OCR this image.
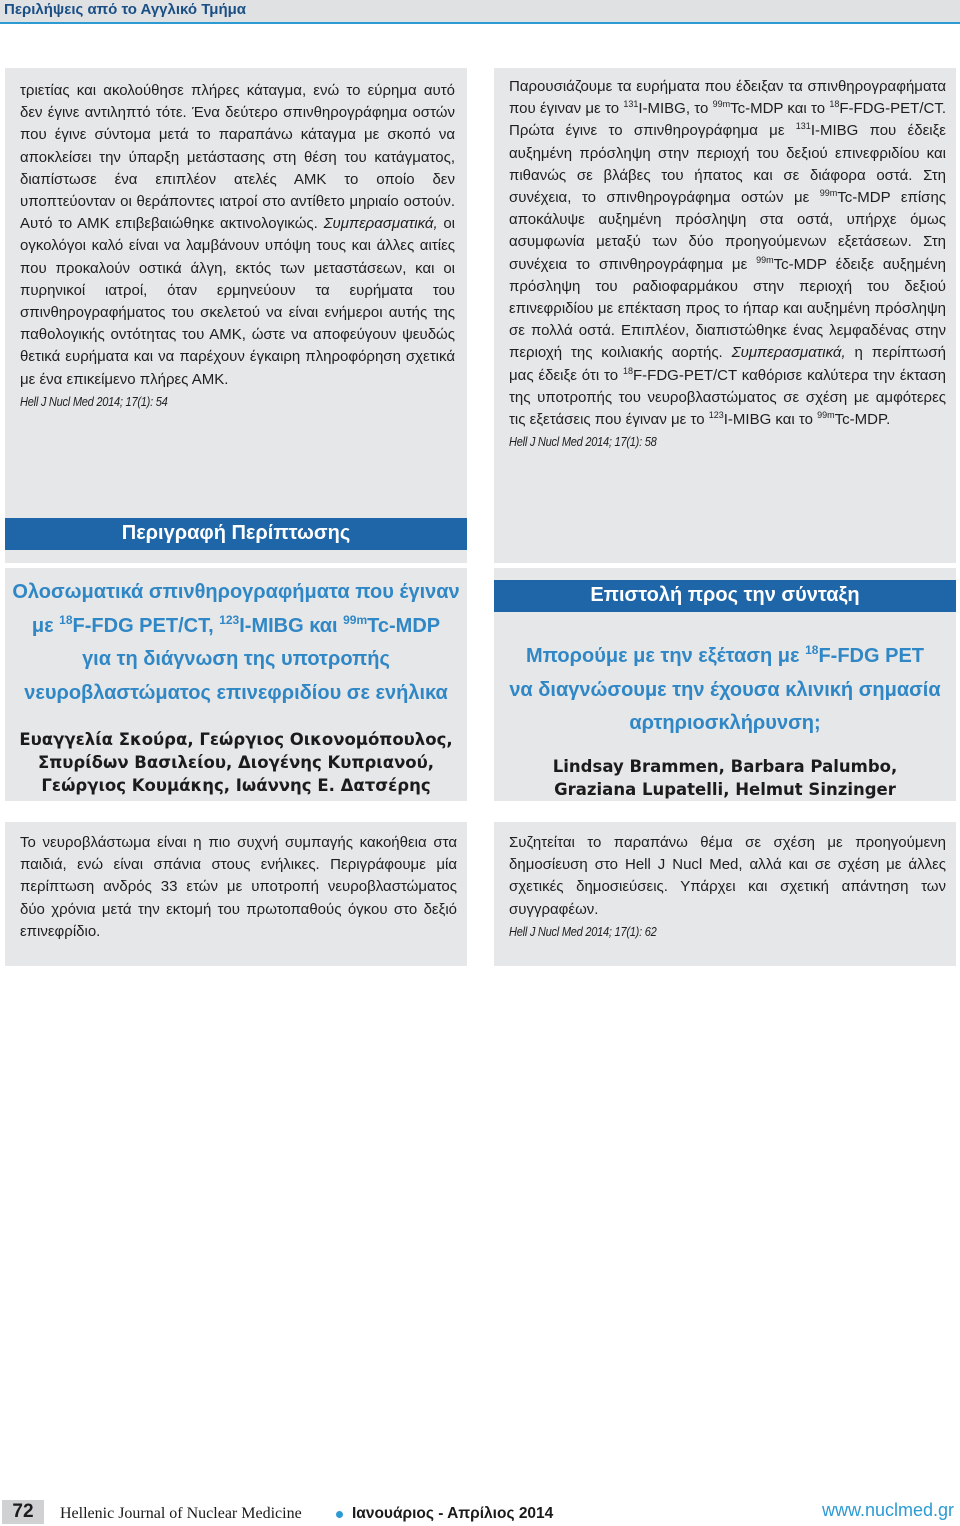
Περιλήψεις από το Αγγλικό Τμήμα

τριετίας και ακολούθησε πλήρες κάταγμα, ενώ το εύρημα αυτό δεν έγινε αντιληπτό τότε. Ένα δεύτερο σπινθηρογράφημα οστών που έγινε σύντομα μετά το παραπάνω κάταγμα με σκοπό να αποκλείσει την ύπαρξη μετάστασης στη θέση του κατάγματος, διαπίστωσε ένα επιπλέον ατελές ΑΜΚ το οποίο δεν υποπτεύονταν οι θεράποντες ιατροί στο αντίθετο μηριαίο οστούν. Αυτό το ΑΜΚ επιβεβαιώθηκε ακτινολογικώς. Συμπερασματικά, οι ογκολόγοι καλό είναι να λαμβάνουν υπόψη τους και άλλες αιτίες που προκαλούν οστικά άλγη, εκτός των μεταστάσεων, και οι πυρηνικοί ιατροί, όταν ερμηνεύουν τα ευρήματα του σπινθηρογραφήματος του σκελετού να είναι ενήμεροι αυτής της παθολογικής οντότητας του ΑΜΚ, ώστε να αποφεύγουν ψευδώς θετικά ευρήματα και να παρέχουν έγκαιρη πληροφόρηση σχετικά με ένα επικείμενο πλήρες ΑΜΚ.

Hell J Nucl Med 2014; 17(1): 54
Περιγραφή Περίπτωσης

Παρουσιάζουμε τα ευρήματα που έδειξαν τα σπινθηρογραφήματα που έγιναν με το $^{131}$I-MIBG, το $^{99m}$Tc-MDP και το $^{18}$F-FDG-PET/CT. Πρώτα έγινε το σπινθηρογράφημα με $^{131}$I-MIBG που έδειξε αυξημένη πρόσληψη στην περιοχή του δεξιού επινεφριδίου και πιθανώς σε βλάβες του ήπατος και σε διάφορα οστά. Στη συνέχεια, το σπινθηρογράφημα οστών με $^{99m}$Tc-MDP επίσης αποκάλυψε αυξημένη πρόσληψη στα οστά, υπήρχε όμως ασυμφωνία μεταξύ των δύο προηγούμενων εξετάσεων. Στη συνέχεια το σπινθηρογράφημα με $^{99m}$Tc-MDP έδειξε αυξημένη πρόσληψη του ραδιοφαρμάκου στην περιοχή του δεξιού επινεφριδίου με επέκταση προς το ήπαρ και αυξημένη πρόσληψη σε πολλά οστά. Επιπλέον, διαπιστώθηκε ένας λεμφαδένας στην περιοχή της κοιλιακής αορτής. Συμπερασματικά, η περίπτωσή μας έδειξε ότι το $^{18}$F-FDG-PET/CT καθόρισε καλύτερα την έκταση της υποτροπής του νευροβλαστώματος σε σχέση με αμφότερες τις εξετάσεις που έγιναν με το $^{123}$I-MIBG και το $^{99m}$Tc-MDP.

Hell J Nucl Med 2014; 17(1): 58
Ολοσωματικά σπινθηρογραφήματα που έγιναν
με $^{18}$F-FDG PET/CT, $^{123}$I-MIBG και $^{99m}$Tc-MDP
για τη διάγνωση της υποτροπής
νευροβλαστώματος επινεφριδίου σε ενήλικα
Ευαγγελία Σκούρα, Γεώργιος Οικονομόπουλος,
Σπυρίδων Βασιλείου, Διογένης Κυπριανού,
Γεώργιος Κουμάκης, Ιωάννης Ε. Δατσέρης

Το νευροβλάστωμα είναι η πιο συχνή συμπαγής κακοήθεια στα παιδιά, ενώ είναι σπάνια στους ενήλικες. Περιγράφουμε μία περίπτωση ανδρός 33 ετών με υποτροπή νευροβλαστώματος δύο χρόνια μετά την εκτομή του πρωτοπαθούς όγκου στο δεξιό επινεφρίδιο.

Επιστολή προς την σύνταξη
Μπορούμε με την εξέταση με $^{18}$F-FDG PET
να διαγνώσουμε την έχουσα κλινική σημασία
αρτηριοσκλήρυνση;
Lindsay Brammen, Barbara Palumbo,
Graziana Lupatelli, Helmut Sinzinger

Συζητείται το παραπάνω θέμα σε σχέση με προηγούμενη δημοσίευση στο Hell J Nucl Med, αλλά και σε σχέση με άλλες σχετικές δημοσιεύσεις. Υπάρχει και σχετική απάντηση των συγγραφέων.

Hell J Nucl Med 2014; 17(1): 62
72	Hellenic Journal of Nuclear Medicine	Ιανουάριος - Απρίλιος 2014	www.nuclmed.gr
